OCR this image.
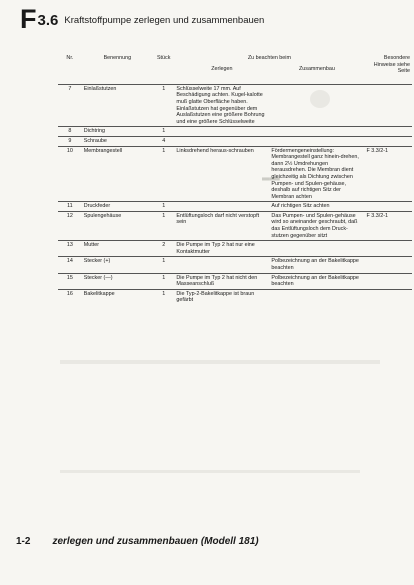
▀▀▀▀▀
F 3.6 Kraftstoffpumpe zerlegen und zusammenbauen
Nr.	Benennung	Stück	Zu beachten beim		Besondere Hinweise siehe Seite
			Zerlegen	Zusammenbau	

7	Einlaßstutzen	1	Schlüsselweite 17 mm. Auf Beschädigung achten. Kugel-kalotte muß glatte Oberfläche haben. Einlaßstutzen hat gegenüber dem Auslaßstutzen eine größere Bohrung und eine größere Schlüsselweite		
8	Dichtring	1			
9	Schraube	4			
10	Membrangestell	1	Linksdrehend heraus-schrauben	Fördermengeneinstellung: Membrangestell ganz hinein-drehen, dann 2½ Umdrehungen herausdrehen. Die Membran dient gleichzeitig als Dichtung zwischen Pumpen- und Spulen-gehäuse, deshalb auf richtigen Sitz der Membran achten	F 3.3/2-1
11	Druckfeder	1		Auf richtigen Sitz achten	
12	Spulengehäuse	1	Entlüftungsloch darf nicht verstopft sein	Das Pumpen- und Spulen-gehäuse wird so aneinander geschraubt, daß das Entlüftungsloch dem Druck-stutzen gegenüber sitzt	F 3.3/2-1
13	Mutter	2	Die Pumpe im Typ 2 hat nur eine Kontaktmutter		
14	Stecker (+)	1		Polbezeichnung an der Bakelitkappe beachten	
15	Stecker (—)	1	Die Pumpe im Typ 2 hat nicht den Masseanschluß	Polbezeichnung an der Bakelitkappe beachten	
16	Bakelitkappe	1	Die Typ-2-Bakelitkappe ist braun gefärbt		
1-2 zerlegen und zusammenbauen (Modell 181)
